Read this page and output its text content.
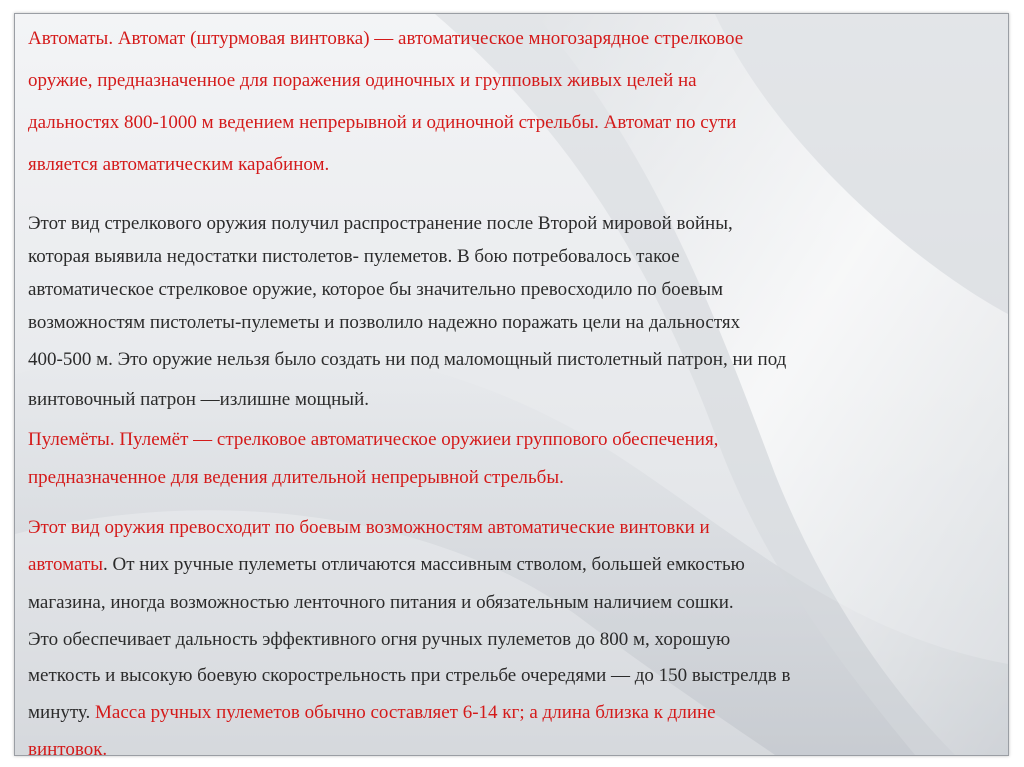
Автоматы. Автомат (штурмовая винтовка) — автоматическое многозарядное стрелковое
оружие, предназначенное для поражения одиночных и групповых живых целей на
дальностях 800-1000 м ведением непрерывной и одиночной стрельбы. Автомат по сути
является автоматическим карабином.

Этот вид стрелкового оружия получил распространение после Второй мировой войны,
которая выявила недостатки пистолетов- пулеметов. В бою потребовалось такое
автоматическое стрелковое оружие, которое бы значительно превосходило по боевым
возможностям пистолеты-пулеметы и позволило надежно поражать цели на дальностях
400-500 м. Это оружие нельзя было создать ни под маломощный пистолетный патрон, ни под
винтовочный патрон —излишне мощный.

Пулемёты. Пулемёт — стрелковое автоматическое оружиеи группового обеспечения,
предназначенное для ведения длительной непрерывной стрельбы.

Этот вид оружия превосходит по боевым возможностям автоматические винтовки и
автоматы. От них ручные пулеметы отличаются массивным стволом, большей емкостью
магазина, иногда возможностью ленточного питания и обязательным наличием сошки.
Это обеспечивает дальность эффективного огня ручных пулеметов до 800 м, хорошую
меткость и высокую боевую скорострельность при стрельбе очередями — до 150 выстрелдв в
минуту. Масса ручных пулеметов обычно составляет 6-14 кг; а длина близка к длине
винтовок.
